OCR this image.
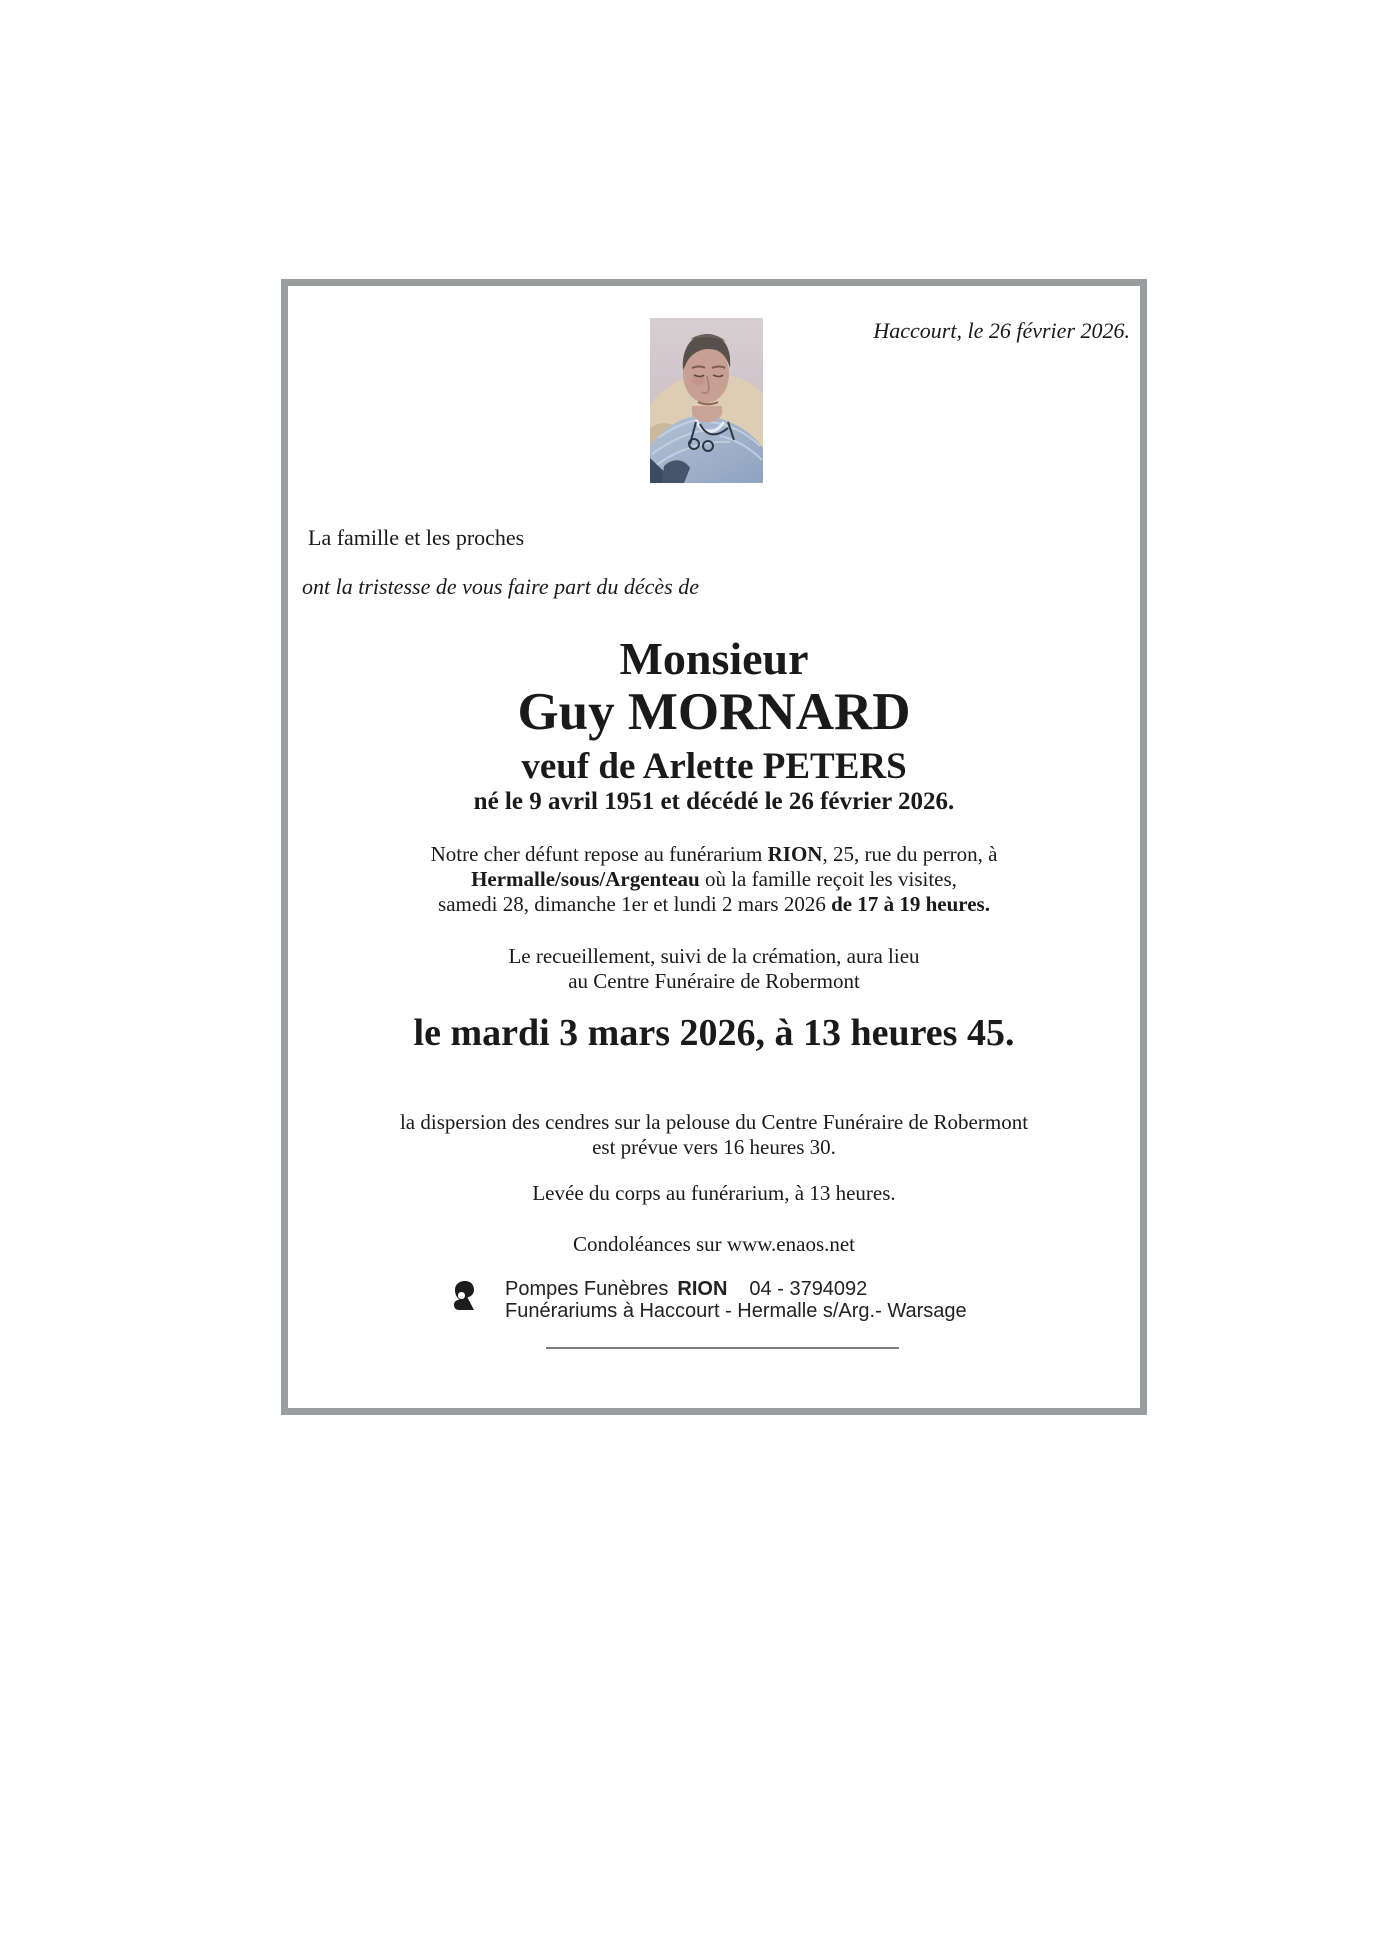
Haccourt, le 26 février 2026.
La famille et les proches
ont la tristesse de vous faire part du décès de
Monsieur
Guy MORNARD
veuf de Arlette PETERS
né le 9 avril 1951 et décédé le 26 février 2026.
Notre cher défunt repose au funérarium RION, 25, rue du perron, à
Hermalle/sous/Argenteau où la famille reçoit les visites,
samedi 28, dimanche 1er et lundi 2 mars 2026 de 17 à 19 heures.
Le recueillement, suivi de la crémation, aura lieu
au Centre Funéraire de Robermont
le mardi 3 mars 2026, à 13 heures 45.
la dispersion des cendres sur la pelouse du Centre Funéraire de Robermont
est prévue vers 16 heures 30.
Levée du corps au funérarium, à 13 heures.
Condoléances sur www.enaos.net
Pompes Funèbres RION 04 - 3794092
Funérariums à Haccourt - Hermalle s/Arg.- Warsage
